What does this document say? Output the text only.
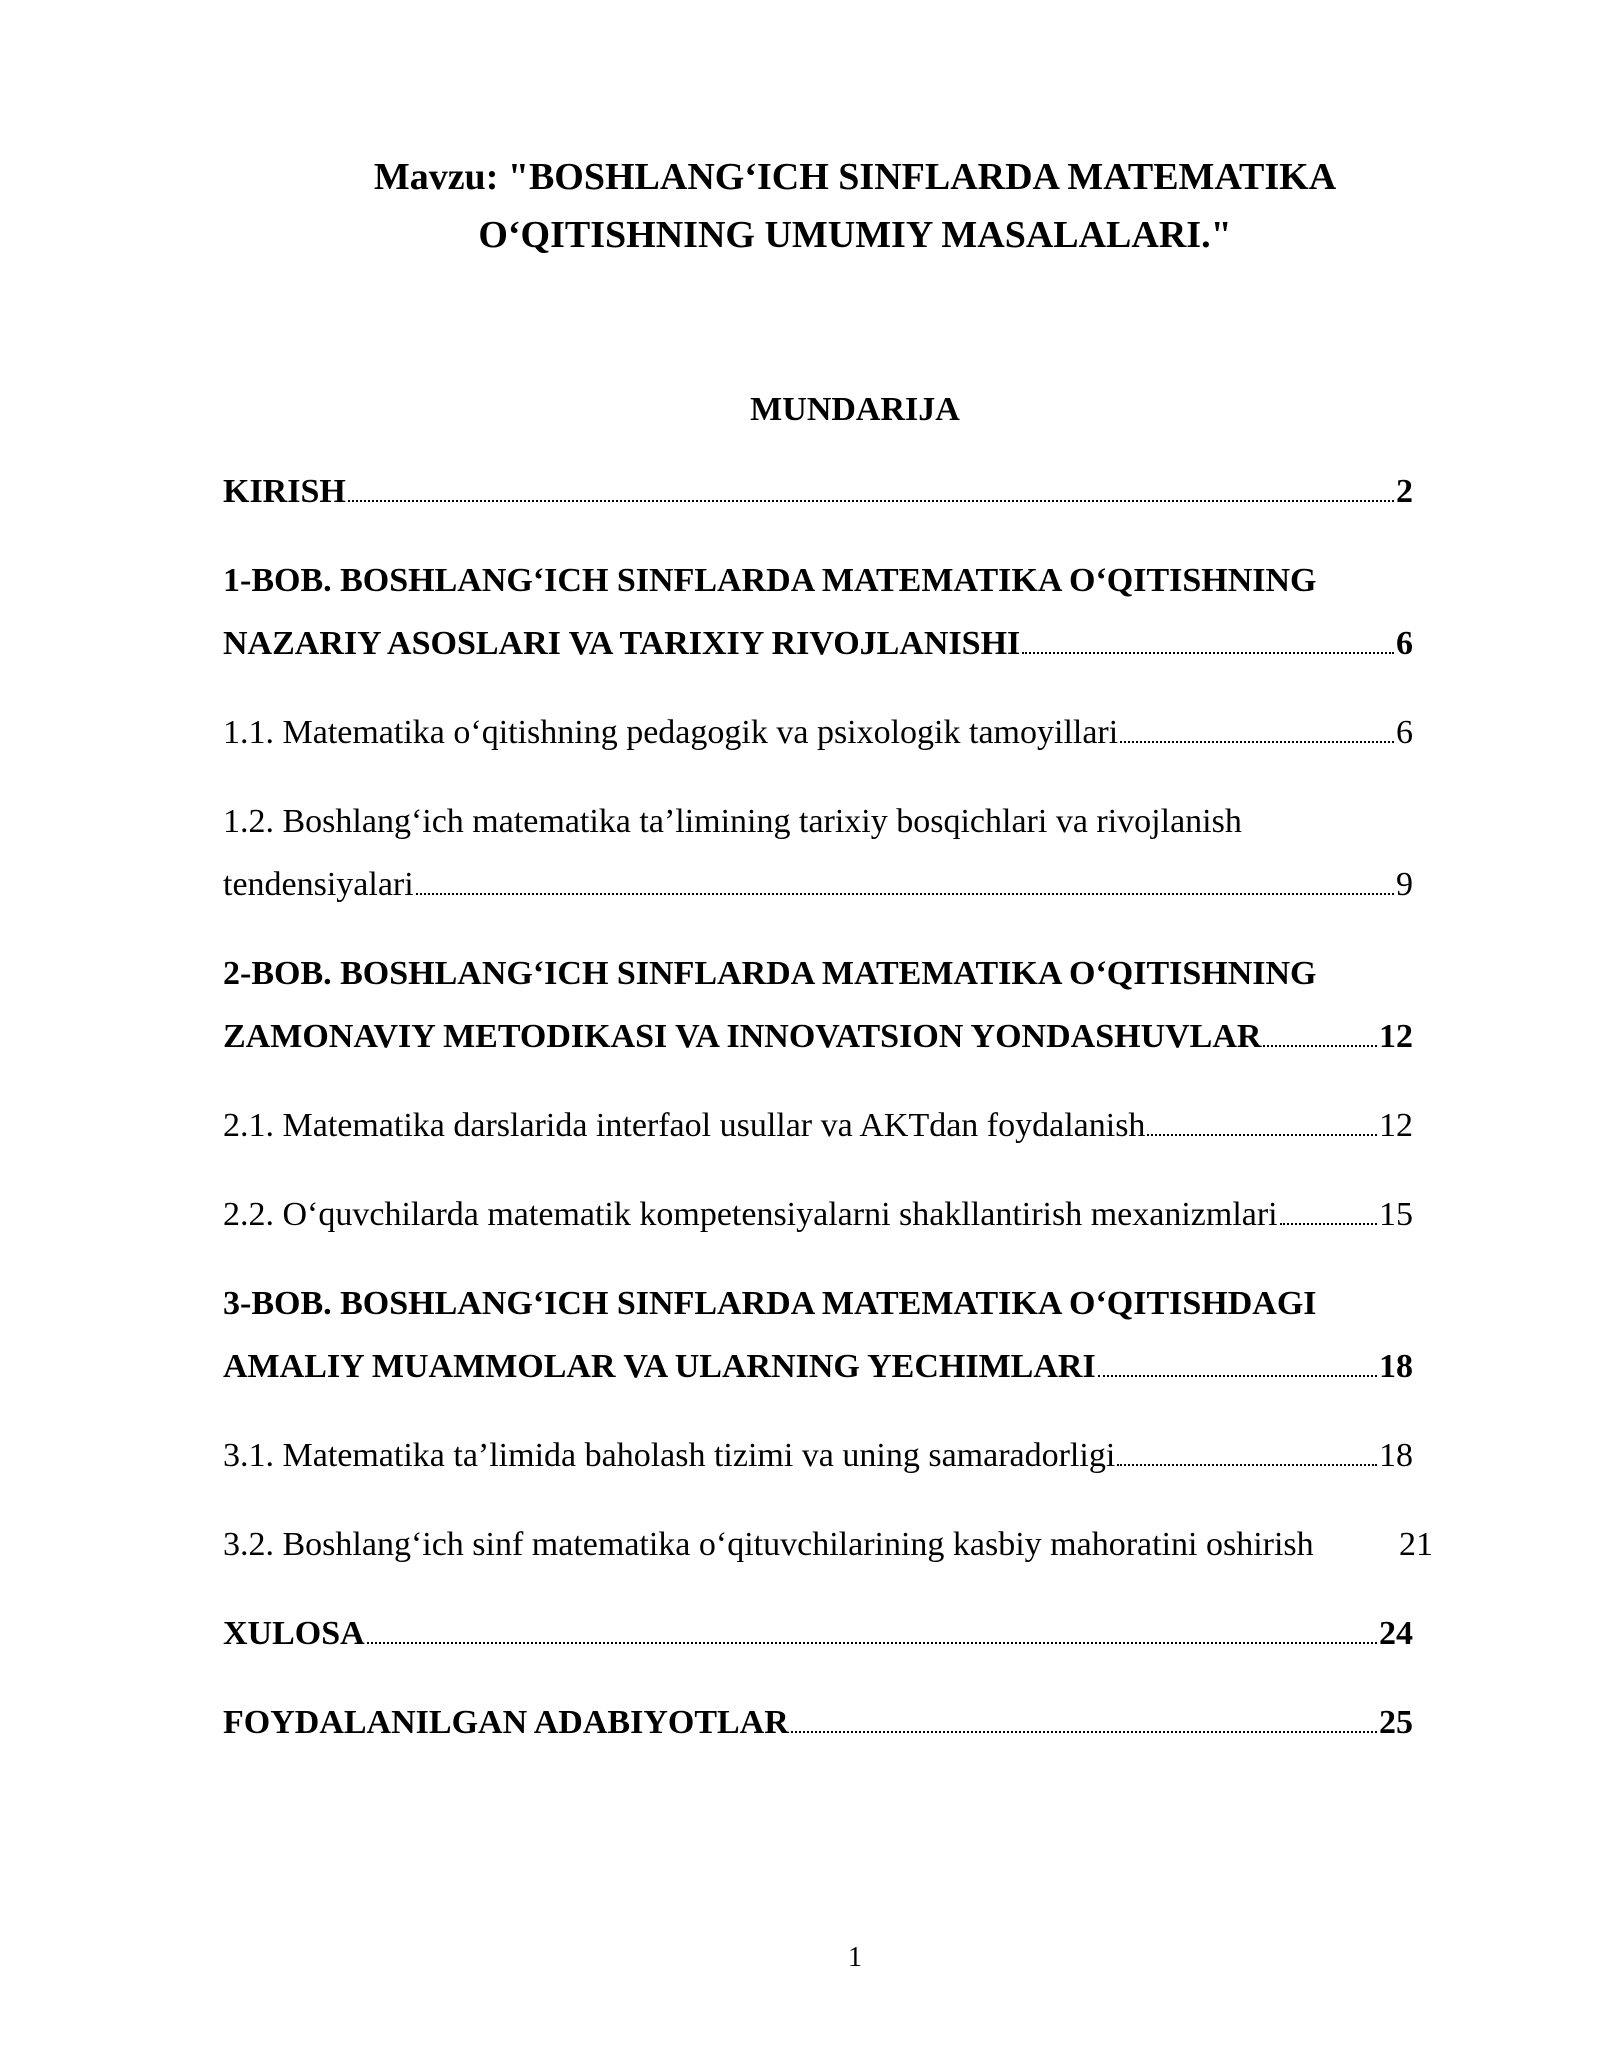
Mavzu: "BOSHLANG‘ICH SINFLARDA MATEMATIKA
O‘QITISHNING UMUMIY MASALALARI."
MUNDARIJA
KIRISH	2
1-BOB. BOSHLANG‘ICH SINFLARDA MATEMATIKA O‘QITISHNING
NAZARIY ASOSLARI VA TARIXIY RIVOJLANISHI	6
1.1. Matematika o‘qitishning pedagogik va psixologik tamoyillari	6
1.2. Boshlang‘ich matematika ta’limining tarixiy bosqichlari va rivojlanish
tendensiyalari	9
2-BOB. BOSHLANG‘ICH SINFLARDA MATEMATIKA O‘QITISHNING
ZAMONAVIY METODIKASI VA INNOVATSION YONDASHUVLAR	12
2.1. Matematika darslarida interfaol usullar va AKTdan foydalanish	12
2.2. O‘quvchilarda matematik kompetensiyalarni shakllantirish mexanizmlari	15
3-BOB. BOSHLANG‘ICH SINFLARDA MATEMATIKA O‘QITISHDAGI
AMALIY MUAMMOLAR VA ULARNING YECHIMLARI	18
3.1. Matematika ta’limida baholash tizimi va uning samaradorligi	18
3.2. Boshlang‘ich sinf matematika o‘qituvchilarining kasbiy mahoratini oshirish	21
XULOSA	24
FOYDALANILGAN ADABIYOTLAR	25
1
